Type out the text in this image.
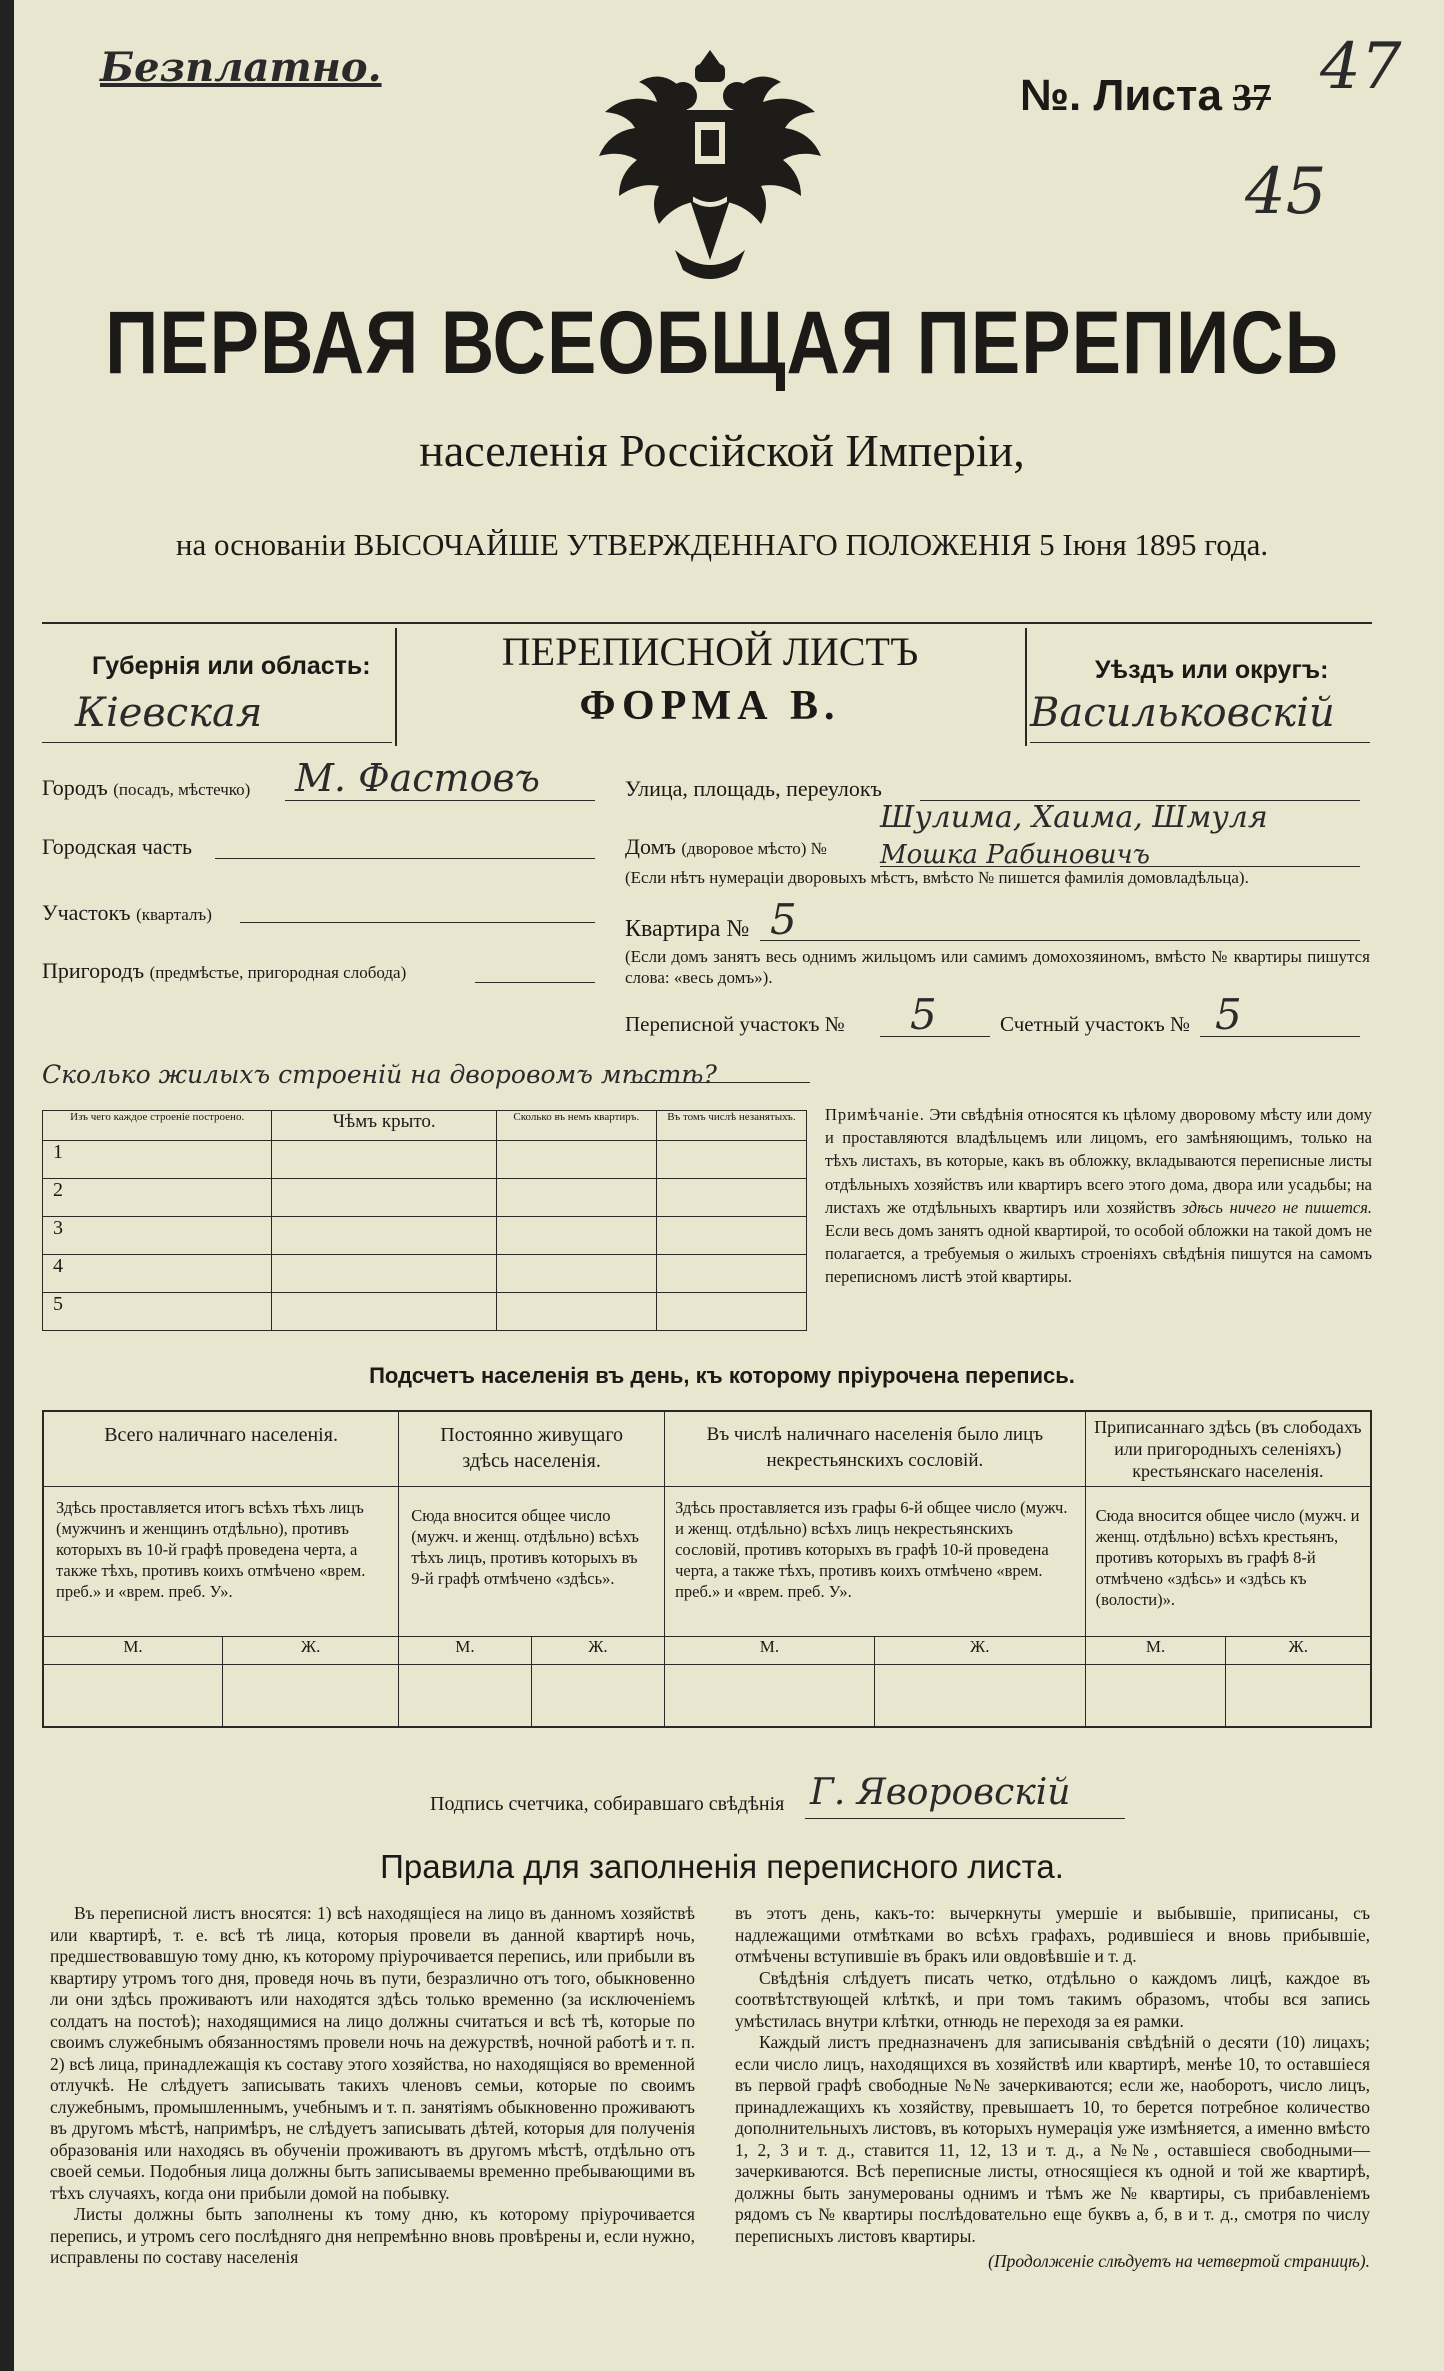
Безплатно.
№. Листа 37 47
45
ПЕРВАЯ ВСЕОБЩАЯ ПЕРЕПИСЬ
населенія Россійской Имперіи,
на основаніи ВЫСОЧАЙШЕ УТВЕРЖДЕННАГО ПОЛОЖЕНІЯ 5 Іюня 1895 года.
Губернія или область:
Кіевская
ПЕРЕПИСНОЙ ЛИСТЪ
ФОРМА В.
Уѣздъ или округъ:
Васильковскій
Городъ (посадъ, мѣстечко) М. Фастовъ
Городская часть
Участокъ (кварталъ)
Пригородъ (предмѣстье, пригородная слобода)
Улица, площадь, переулокъ
Домъ (дворовое мѣсто) №
Шулима, Хаима, Шмуля
Мошка Рабиновичъ
(Если нѣтъ нумераціи дворовыхъ мѣстъ, вмѣсто № пишется фамилія домовладѣльца).
Квартира № 5
(Если домъ занятъ весь однимъ жильцомъ или самимъ домохозяиномъ, вмѣсто № квартиры пишутся слова: «весь домъ»).
Переписной участокъ № 5	Счетный участокъ № 5
Сколько жилыхъ строеній на дворовомъ мѣстѣ?
Изъ чего каждое строеніе построено.	Чѣмъ крыто.	Сколько въ немъ квартиръ.	Въ томъ числѣ незанятыхъ.

1			
2			
3			
4			
5			
Примѣчаніе. Эти свѣдѣнія относятся къ цѣлому дворовому мѣсту или дому и проставляются владѣльцемъ или лицомъ, его замѣняющимъ, только на тѣхъ листахъ, въ которые, какъ въ обложку, вкладываются переписные листы отдѣльныхъ хозяйствъ или квартиръ всего этого дома, двора или усадьбы; на листахъ же отдѣльныхъ квартиръ или хозяйствъ здѣсь ничего не пишется. Если весь домъ занятъ одной квартирой, то особой обложки на такой домъ не полагается, а требуемыя о жилыхъ строеніяхъ свѣдѣнія пишутся на самомъ переписномъ листѣ этой квартиры.
Подсчетъ населенія въ день, къ которому пріурочена перепись.
Всего наличнаго населенія.		Постоянно живущаго здѣсь населенія.		Въ числѣ наличнаго населенія было лицъ некрестьянскихъ сословій.		Приписаннаго здѣсь (въ слободахъ или пригородныхъ селеніяхъ) крестьянскаго населенія.	

Здѣсь проставляется итогъ всѣхъ тѣхъ лицъ (мужчинъ и женщинъ отдѣльно), противъ которыхъ въ 10-й графѣ проведена черта, а также тѣхъ, противъ коихъ отмѣчено «врем. преб.» и «врем. преб. У».		Сюда вносится общее число (мужч. и женщ. отдѣльно) всѣхъ тѣхъ лицъ, противъ которыхъ въ 9-й графѣ отмѣчено «здѣсь».		Здѣсь проставляется изъ графы 6-й общее число (мужч. и женщ. отдѣльно) всѣхъ лицъ некрестьянскихъ сословій, противъ которыхъ въ графѣ 10-й проведена черта, а также тѣхъ, противъ коихъ отмѣчено «врем. преб.» и «врем. преб. У».		Сюда вносится общее число (мужч. и женщ. отдѣльно) всѣхъ крестьянъ, противъ которыхъ въ графѣ 8-й отмѣчено «здѣсь» и «здѣсь къ (волости)».	

М.	Ж.	М.	Ж.	М.	Ж.	М.	Ж.

Подпись счетчика, собиравшаго свѣдѣнія Г. Яворовскій
Правила для заполненія переписного листа.

Въ переписной листъ вносятся: 1) всѣ находящіеся на лицо въ данномъ хозяйствѣ или квартирѣ, т. е. всѣ тѣ лица, которыя провели въ данной квартирѣ ночь, предшествовавшую тому дню, къ которому пріурочивается перепись, или прибыли въ квартиру утромъ того дня, проведя ночь въ пути, безразлично отъ того, обыкновенно ли они здѣсь проживаютъ или находятся здѣсь только временно (за исключеніемъ солдатъ на постоѣ); находящимися на лицо должны считаться и всѣ тѣ, которые по своимъ служебнымъ обязанностямъ провели ночь на дежурствѣ, ночной работѣ и т. п. 2) всѣ лица, принадлежащія къ составу этого хозяйства, но находящіяся во временной отлучкѣ. Не слѣдуетъ записывать такихъ членовъ семьи, которые по своимъ служебнымъ, промышленнымъ, учебнымъ и т. п. занятіямъ обыкновенно проживаютъ въ другомъ мѣстѣ, напримѣръ, не слѣдуетъ записывать дѣтей, которыя для полученія образованія или находясь въ обученіи проживаютъ въ другомъ мѣстѣ, отдѣльно отъ своей семьи. Подобныя лица должны быть записываемы временно пребывающими въ тѣхъ случаяхъ, когда они прибыли домой на побывку.

Листы должны быть заполнены къ тому дню, къ которому пріурочивается перепись, и утромъ сего послѣдняго дня непремѣнно вновь провѣрены и, если нужно, исправлены по составу населенія

въ этотъ день, какъ-то: вычеркнуты умершіе и выбывшіе, приписаны, съ надлежащими отмѣтками во всѣхъ графахъ, родившіеся и вновь прибывшіе, отмѣчены вступившіе въ бракъ или овдовѣвшіе и т. д.

Свѣдѣнія слѣдуетъ писать четко, отдѣльно о каждомъ лицѣ, каждое въ соотвѣтствующей клѣткѣ, и при томъ такимъ образомъ, чтобы вся запись умѣстилась внутри клѣтки, отнюдь не переходя за ея рамки.

Каждый листъ предназначенъ для записыванія свѣдѣній о десяти (10) лицахъ; если число лицъ, находящихся въ хозяйствѣ или квартирѣ, менѣе 10, то оставшіеся въ первой графѣ свободные №№ зачеркиваются; если же, наоборотъ, число лицъ, принадлежащихъ къ хозяйству, превышаетъ 10, то берется потребное количество дополнительныхъ листовъ, въ которыхъ нумерація уже измѣняется, а именно вмѣсто 1, 2, 3 и т. д., ставится 11, 12, 13 и т. д., а №№, оставшіеся свободными—зачеркиваются. Всѣ переписные листы, относящіеся къ одной и той же квартирѣ, должны быть занумерованы однимъ и тѣмъ же № квартиры, съ прибавленіемъ рядомъ съ № квартиры послѣдовательно еще буквъ а, б, в и т. д., смотря по числу переписныхъ листовъ квартиры.

(Продолженіе слѣдуетъ на четвертой страницѣ).
